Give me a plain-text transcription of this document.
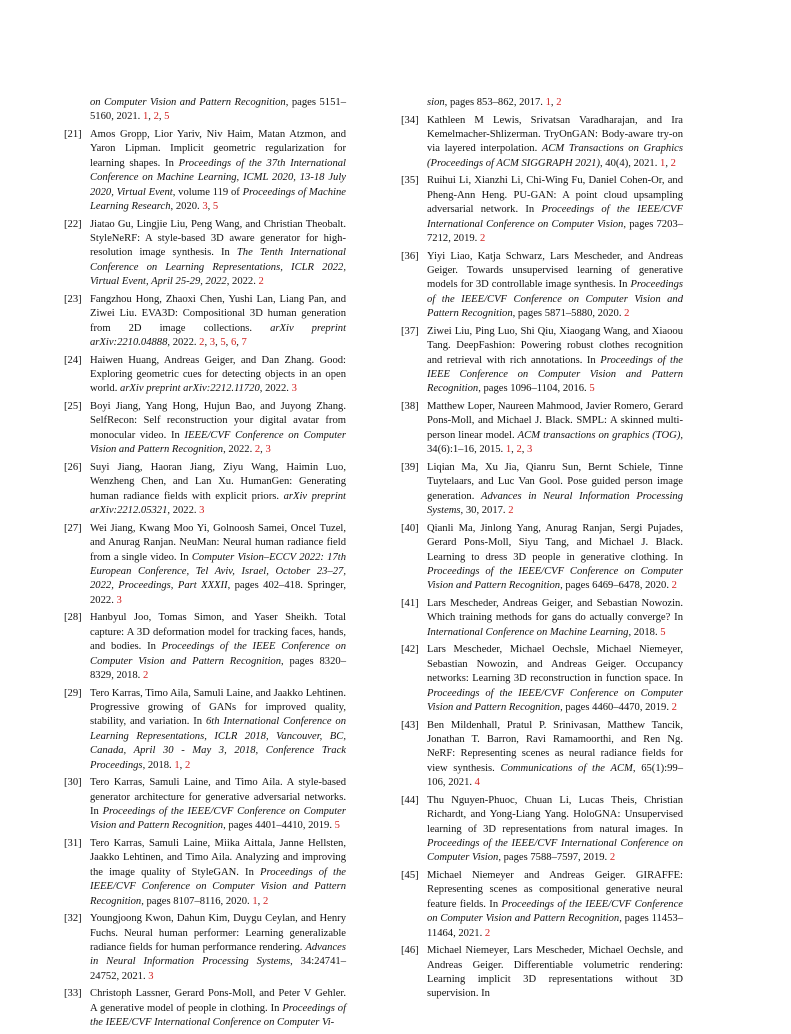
on Computer Vision and Pattern Recognition, pages 5151–5160, 2021. 1, 2, 5
[21] Amos Gropp, Lior Yariv, Niv Haim, Matan Atzmon, and Yaron Lipman. Implicit geometric regularization for learning shapes. In Proceedings of the 37th International Conference on Machine Learning, ICML 2020, 13-18 July 2020, Virtual Event, volume 119 of Proceedings of Machine Learning Research, 2020. 3, 5
[22] Jiatao Gu, Lingjie Liu, Peng Wang, and Christian Theobalt. StyleNeRF: A style-based 3D aware generator for high-resolution image synthesis. In The Tenth International Conference on Learning Representations, ICLR 2022, Virtual Event, April 25-29, 2022, 2022. 2
[23] Fangzhou Hong, Zhaoxi Chen, Yushi Lan, Liang Pan, and Ziwei Liu. EVA3D: Compositional 3D human generation from 2D image collections. arXiv preprint arXiv:2210.04888, 2022. 2, 3, 5, 6, 7
[24] Haiwen Huang, Andreas Geiger, and Dan Zhang. Good: Exploring geometric cues for detecting objects in an open world. arXiv preprint arXiv:2212.11720, 2022. 3
[25] Boyi Jiang, Yang Hong, Hujun Bao, and Juyong Zhang. SelfRecon: Self reconstruction your digital avatar from monocular video. In IEEE/CVF Conference on Computer Vision and Pattern Recognition, 2022. 2, 3
[26] Suyi Jiang, Haoran Jiang, Ziyu Wang, Haimin Luo, Wenzheng Chen, and Lan Xu. HumanGen: Generating human radiance fields with explicit priors. arXiv preprint arXiv:2212.05321, 2022. 3
[27] Wei Jiang, Kwang Moo Yi, Golnoosh Samei, Oncel Tuzel, and Anurag Ranjan. NeuMan: Neural human radiance field from a single video. In Computer Vision–ECCV 2022: 17th European Conference, Tel Aviv, Israel, October 23–27, 2022, Proceedings, Part XXXII, pages 402–418. Springer, 2022. 3
[28] Hanbyul Joo, Tomas Simon, and Yaser Sheikh. Total capture: A 3D deformation model for tracking faces, hands, and bodies. In Proceedings of the IEEE Conference on Computer Vision and Pattern Recognition, pages 8320–8329, 2018. 2
[29] Tero Karras, Timo Aila, Samuli Laine, and Jaakko Lehtinen. Progressive growing of GANs for improved quality, stability, and variation. In 6th International Conference on Learning Representations, ICLR 2018, Vancouver, BC, Canada, April 30 - May 3, 2018, Conference Track Proceedings, 2018. 1, 2
[30] Tero Karras, Samuli Laine, and Timo Aila. A style-based generator architecture for generative adversarial networks. In Proceedings of the IEEE/CVF Conference on Computer Vision and Pattern Recognition, pages 4401–4410, 2019. 5
[31] Tero Karras, Samuli Laine, Miika Aittala, Janne Hellsten, Jaakko Lehtinen, and Timo Aila. Analyzing and improving the image quality of StyleGAN. In Proceedings of the IEEE/CVF Conference on Computer Vision and Pattern Recognition, pages 8107–8116, 2020. 1, 2
[32] Youngjoong Kwon, Dahun Kim, Duygu Ceylan, and Henry Fuchs. Neural human performer: Learning generalizable radiance fields for human performance rendering. Advances in Neural Information Processing Systems, 34:24741–24752, 2021. 3
[33] Christoph Lassner, Gerard Pons-Moll, and Peter V Gehler. A generative model of people in clothing. In Proceedings of the IEEE/CVF International Conference on Computer Vi-
sion, pages 853–862, 2017. 1, 2
[34] Kathleen M Lewis, Srivatsan Varadharajan, and Ira Kemelmacher-Shlizerman. TryOnGAN: Body-aware try-on via layered interpolation. ACM Transactions on Graphics (Proceedings of ACM SIGGRAPH 2021), 40(4), 2021. 1, 2
[35] Ruihui Li, Xianzhi Li, Chi-Wing Fu, Daniel Cohen-Or, and Pheng-Ann Heng. PU-GAN: A point cloud upsampling adversarial network. In Proceedings of the IEEE/CVF International Conference on Computer Vision, pages 7203–7212, 2019. 2
[36] Yiyi Liao, Katja Schwarz, Lars Mescheder, and Andreas Geiger. Towards unsupervised learning of generative models for 3D controllable image synthesis. In Proceedings of the IEEE/CVF Conference on Computer Vision and Pattern Recognition, pages 5871–5880, 2020. 2
[37] Ziwei Liu, Ping Luo, Shi Qiu, Xiaogang Wang, and Xiaoou Tang. DeepFashion: Powering robust clothes recognition and retrieval with rich annotations. In Proceedings of the IEEE Conference on Computer Vision and Pattern Recognition, pages 1096–1104, 2016. 5
[38] Matthew Loper, Naureen Mahmood, Javier Romero, Gerard Pons-Moll, and Michael J. Black. SMPL: A skinned multi-person linear model. ACM transactions on graphics (TOG), 34(6):1–16, 2015. 1, 2, 3
[39] Liqian Ma, Xu Jia, Qianru Sun, Bernt Schiele, Tinne Tuytelaars, and Luc Van Gool. Pose guided person image generation. Advances in Neural Information Processing Systems, 30, 2017. 2
[40] Qianli Ma, Jinlong Yang, Anurag Ranjan, Sergi Pujades, Gerard Pons-Moll, Siyu Tang, and Michael J. Black. Learning to dress 3D people in generative clothing. In Proceedings of the IEEE/CVF Conference on Computer Vision and Pattern Recognition, pages 6469–6478, 2020. 2
[41] Lars Mescheder, Andreas Geiger, and Sebastian Nowozin. Which training methods for gans do actually converge? In International Conference on Machine Learning, 2018. 5
[42] Lars Mescheder, Michael Oechsle, Michael Niemeyer, Sebastian Nowozin, and Andreas Geiger. Occupancy networks: Learning 3D reconstruction in function space. In Proceedings of the IEEE/CVF Conference on Computer Vision and Pattern Recognition, pages 4460–4470, 2019. 2
[43] Ben Mildenhall, Pratul P. Srinivasan, Matthew Tancik, Jonathan T. Barron, Ravi Ramamoorthi, and Ren Ng. NeRF: Representing scenes as neural radiance fields for view synthesis. Communications of the ACM, 65(1):99–106, 2021. 4
[44] Thu Nguyen-Phuoc, Chuan Li, Lucas Theis, Christian Richardt, and Yong-Liang Yang. HoloGNA: Unsupervised learning of 3D representations from natural images. In Proceedings of the IEEE/CVF International Conference on Computer Vision, pages 7588–7597, 2019. 2
[45] Michael Niemeyer and Andreas Geiger. GIRAFFE: Representing scenes as compositional generative neural feature fields. In Proceedings of the IEEE/CVF Conference on Computer Vision and Pattern Recognition, pages 11453–11464, 2021. 2
[46] Michael Niemeyer, Lars Mescheder, Michael Oechsle, and Andreas Geiger. Differentiable volumetric rendering: Learning implicit 3D representations without 3D supervision. In
